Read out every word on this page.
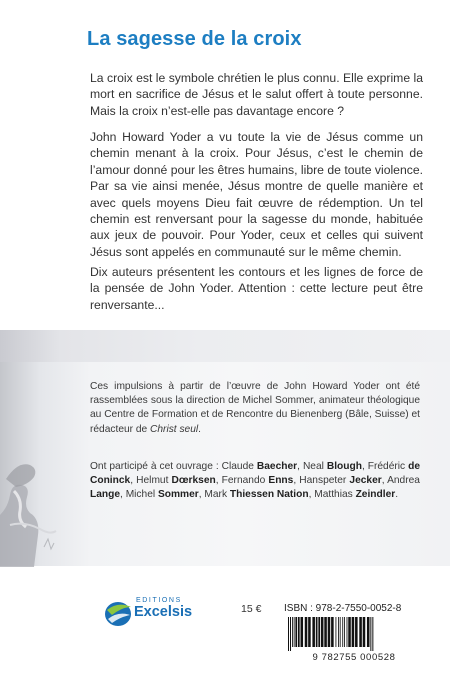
La sagesse de la croix

La croix est le symbole chrétien le plus connu. Elle exprime la mort en sacrifice de Jésus et le salut offert à toute personne. Mais la croix n’est-elle pas davantage encore ?

John Howard Yoder a vu toute la vie de Jésus comme un chemin menant à la croix. Pour Jésus, c’est le chemin de l’amour donné pour les êtres humains, libre de toute violence. Par sa vie ainsi menée, Jésus montre de quelle manière et avec quels moyens Dieu fait œuvre de rédemption. Un tel chemin est renversant pour la sagesse du monde, habituée aux jeux de pouvoir. Pour Yoder, ceux et celles qui suivent Jésus sont appelés en communauté sur le même chemin.

Dix auteurs présentent les contours et les lignes de force de la pensée de John Yoder. Attention : cette lecture peut être renversante...

Ces impulsions à partir de l’œuvre de John Howard Yoder ont été rassemblées sous la direction de Michel Sommer, animateur théologique au Centre de Formation et de Rencontre du Bienenberg (Bâle, Suisse) et rédacteur de Christ seul.

Ont participé à cet ouvrage : Claude Baecher, Neal Blough, Frédéric de Coninck, Helmut Dœrksen, Fernando Enns, Hanspeter Jecker, Andrea Lange, Michel Sommer, Mark Thiessen Nation, Matthias Zeindler.

EDITIONS
Excelsis	15 € ISBN : 978-2-7550-0052-8
9 782755 000528
